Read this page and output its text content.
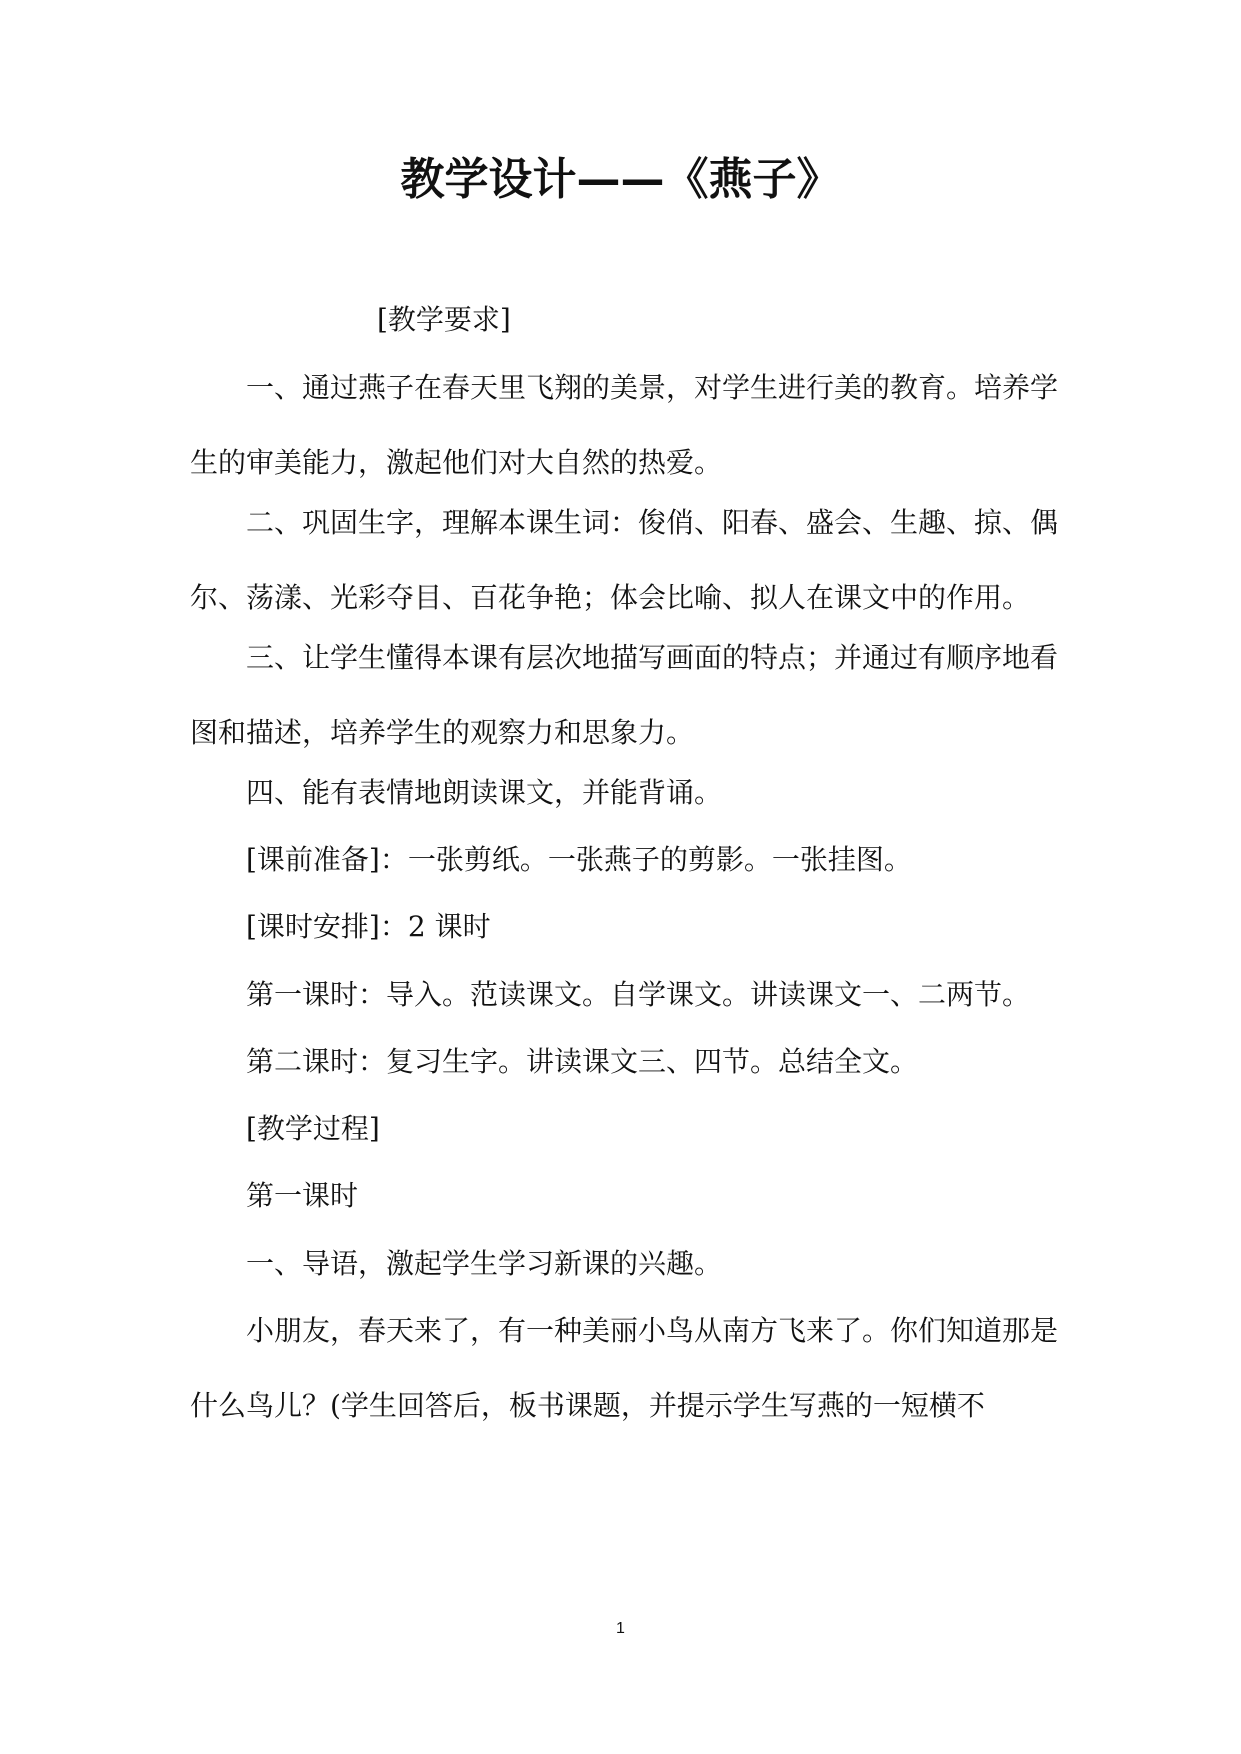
教学设计——《燕子》
[教学要求]
一、通过燕子在春天里飞翔的美景，对学生进行美的教育。培养学生的审美能力，激起他们对大自然的热爱。
二、巩固生字，理解本课生词：俊俏、阳春、盛会、生趣、掠、偶尔、荡漾、光彩夺目、百花争艳；体会比喻、拟人在课文中的作用。
三、让学生懂得本课有层次地描写画面的特点；并通过有顺序地看图和描述，培养学生的观察力和思象力。
四、能有表情地朗读课文，并能背诵。
[课前准备]：一张剪纸。一张燕子的剪影。一张挂图。
[课时安排]：2 课时
第一课时：导入。范读课文。自学课文。讲读课文一、二两节。
第二课时：复习生字。讲读课文三、四节。总结全文。
[教学过程]
第一课时
一、导语，激起学生学习新课的兴趣。
小朋友，春天来了，有一种美丽小鸟从南方飞来了。你们知道那是什么鸟儿？(学生回答后，板书课题，并提示学生写燕的一短横不
1
